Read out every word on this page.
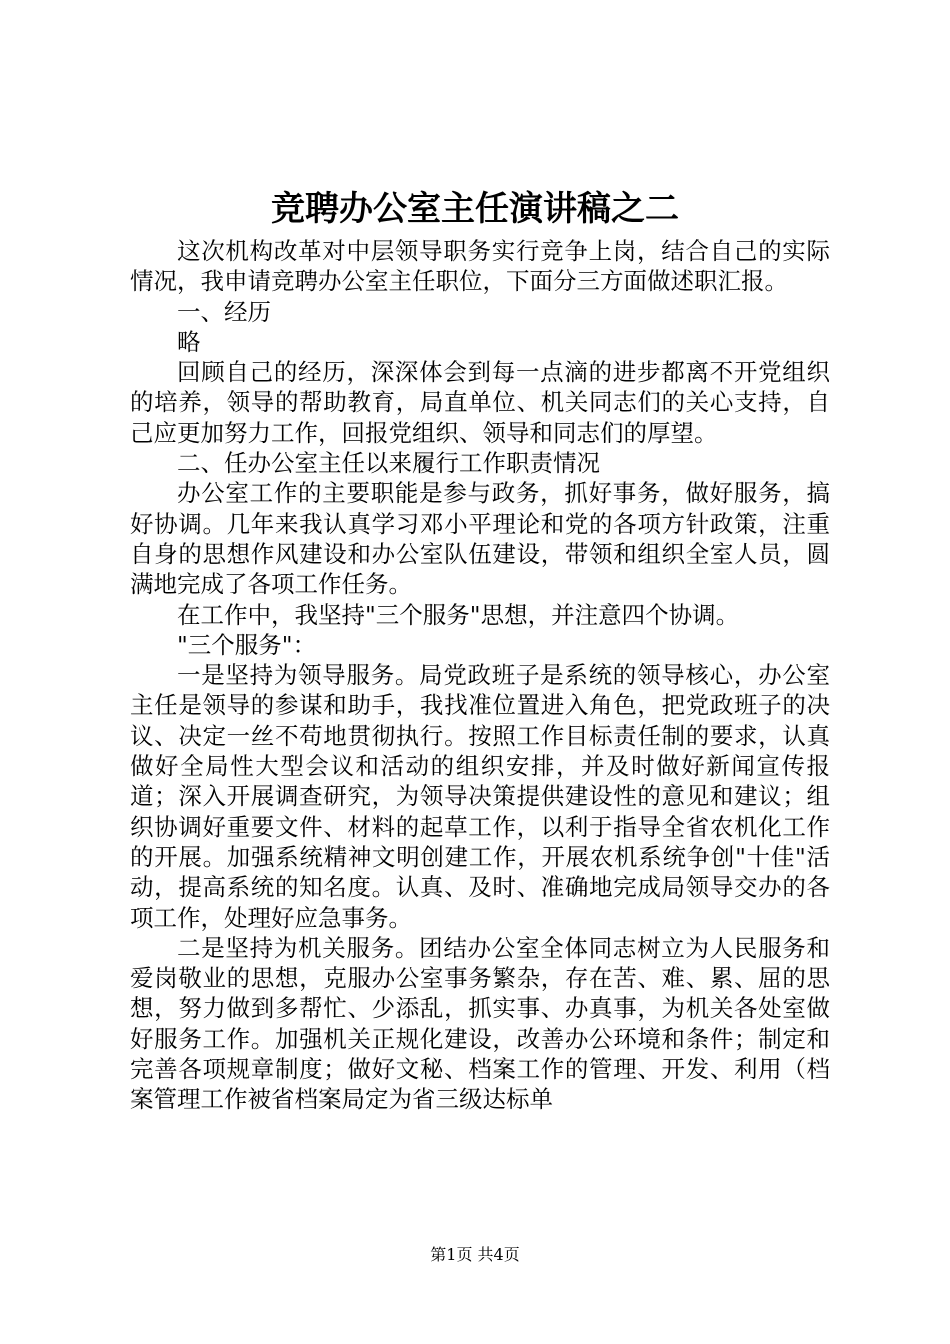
竞聘办公室主任演讲稿之二

这次机构改革对中层领导职务实行竞争上岗，结合自己的实际情况，我申请竞聘办公室主任职位，下面分三方面做述职汇报。

一、经历

略

回顾自己的经历，深深体会到每一点滴的进步都离不开党组织的培养，领导的帮助教育，局直单位、机关同志们的关心支持，自己应更加努力工作，回报党组织、领导和同志们的厚望。

二、任办公室主任以来履行工作职责情况

办公室工作的主要职能是参与政务，抓好事务，做好服务，搞好协调。几年来我认真学习邓小平理论和党的各项方针政策，注重自身的思想作风建设和办公室队伍建设，带领和组织全室人员，圆满地完成了各项工作任务。

在工作中，我坚持"三个服务"思想，并注意四个协调。

"三个服务"：

一是坚持为领导服务。局党政班子是系统的领导核心，办公室主任是领导的参谋和助手，我找准位置进入角色，把党政班子的决议、决定一丝不苟地贯彻执行。按照工作目标责任制的要求，认真做好全局性大型会议和活动的组织安排，并及时做好新闻宣传报道；深入开展调查研究，为领导决策提供建设性的意见和建议；组织协调好重要文件、材料的起草工作，以利于指导全省农机化工作的开展。加强系统精神文明创建工作，开展农机系统争创"十佳"活动，提高系统的知名度。认真、及时、准确地完成局领导交办的各项工作，处理好应急事务。

二是坚持为机关服务。团结办公室全体同志树立为人民服务和爱岗敬业的思想，克服办公室事务繁杂，存在苦、难、累、屈的思想，努力做到多帮忙、少添乱，抓实事、办真事，为机关各处室做好服务工作。加强机关正规化建设，改善办公环境和条件；制定和完善各项规章制度；做好文秘、档案工作的管理、开发、利用（档案管理工作被省档案局定为省三级达标单

第1页 共4页
